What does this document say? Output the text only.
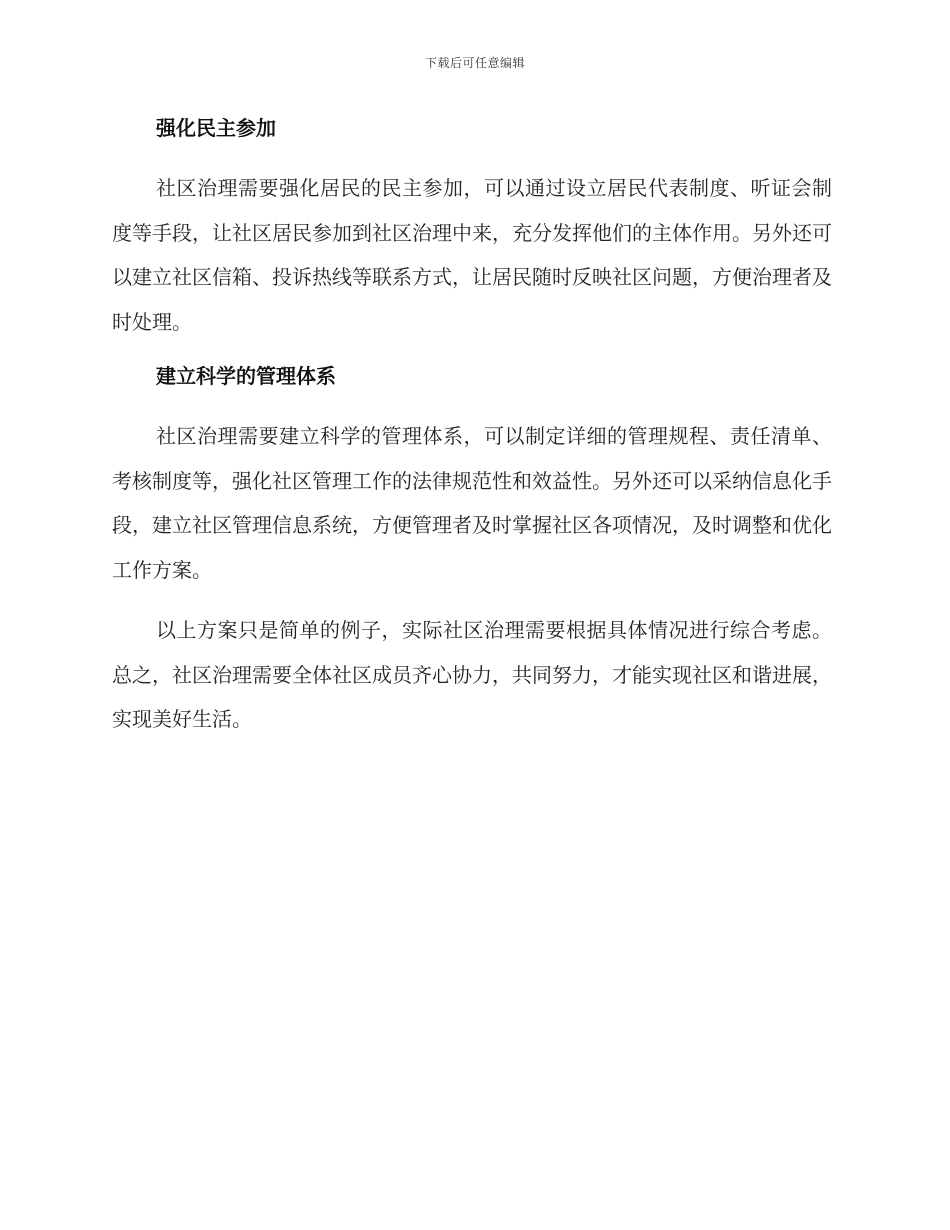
下载后可任意编辑
强化民主参加

社区治理需要强化居民的民主参加，可以通过设立居民代表制度、听证会制度等手段，让社区居民参加到社区治理中来，充分发挥他们的主体作用。另外还可以建立社区信箱、投诉热线等联系方式，让居民随时反映社区问题，方便治理者及时处理。

建立科学的管理体系

社区治理需要建立科学的管理体系，可以制定详细的管理规程、责任清单、考核制度等，强化社区管理工作的法律规范性和效益性。另外还可以采纳信息化手段，建立社区管理信息系统，方便管理者及时掌握社区各项情况，及时调整和优化工作方案。

以上方案只是简单的例子，实际社区治理需要根据具体情况进行综合考虑。总之，社区治理需要全体社区成员齐心协力，共同努力，才能实现社区和谐进展，实现美好生活。
